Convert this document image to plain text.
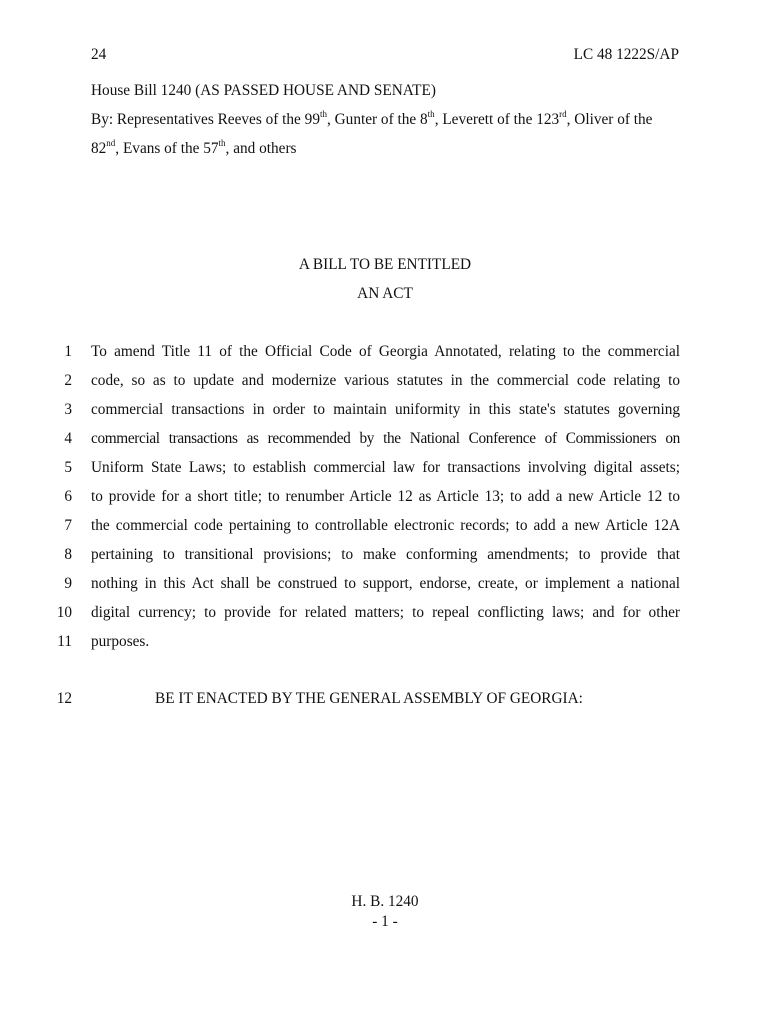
24	LC 48 1222S/AP
House Bill 1240 (AS PASSED HOUSE AND SENATE)
By: Representatives Reeves of the 99th, Gunter of the 8th, Leverett of the 123rd, Oliver of the
82nd, Evans of the 57th, and others
A BILL TO BE ENTITLED
AN ACT
1 To amend Title 11 of the Official Code of Georgia Annotated, relating to the commercial
2 code, so as to update and modernize various statutes in the commercial code relating to
3 commercial transactions in order to maintain uniformity in this state's statutes governing
4 commercial transactions as recommended by the National Conference of Commissioners on
5 Uniform State Laws; to establish commercial law for transactions involving digital assets;
6 to provide for a short title; to renumber Article 12 as Article 13; to add a new Article 12 to
7 the commercial code pertaining to controllable electronic records; to add a new Article 12A
8 pertaining to transitional provisions; to make conforming amendments; to provide that
9 nothing in this Act shall be construed to support, endorse, create, or implement a national
10 digital currency; to provide for related matters; to repeal conflicting laws; and for other
11 purposes.
12	BE IT ENACTED BY THE GENERAL ASSEMBLY OF GEORGIA:
H. B. 1240
- 1 -
